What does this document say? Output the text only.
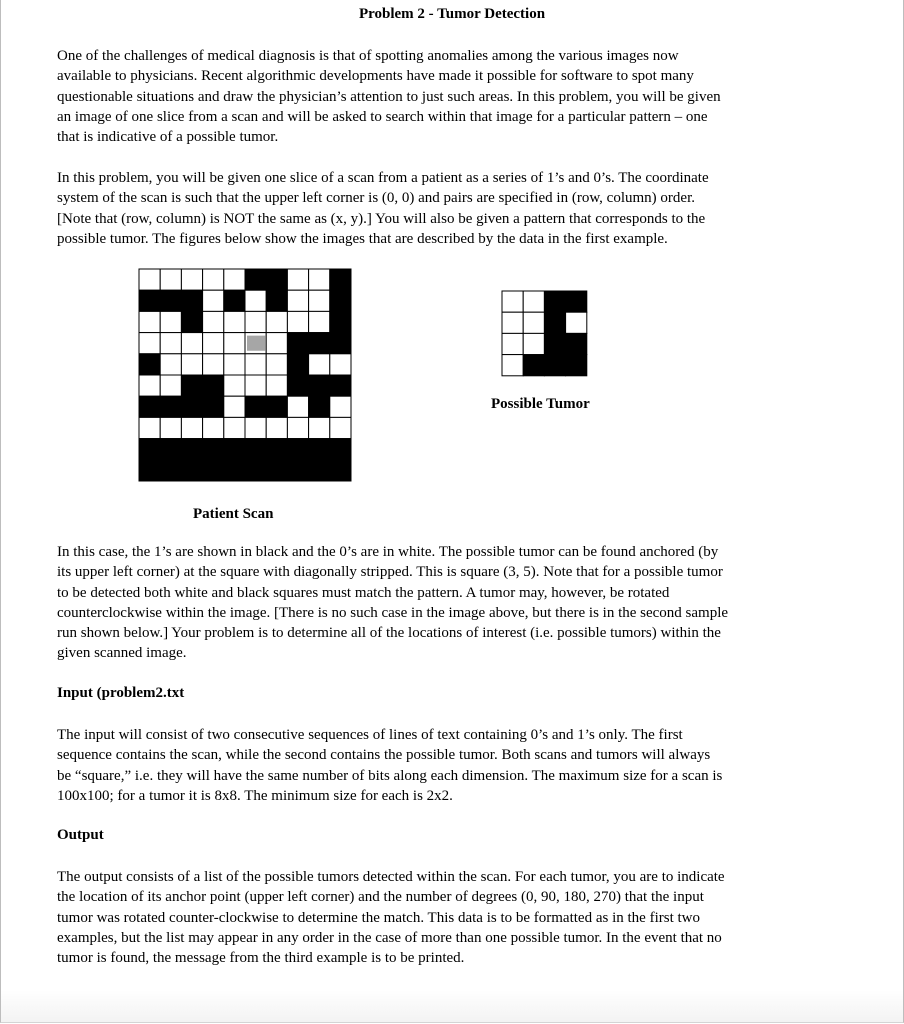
Problem 2 - Tumor Detection
One of the challenges of medical diagnosis is that of spotting anomalies among the various images now
available to physicians. Recent algorithmic developments have made it possible for software to spot many
questionable situations and draw the physician’s attention to just such areas. In this problem, you will be given
an image of one slice from a scan and will be asked to search within that image for a particular pattern – one
that is indicative of a possible tumor.
In this problem, you will be given one slice of a scan from a patient as a series of 1’s and 0’s. The coordinate
system of the scan is such that the upper left corner is (0, 0) and pairs are specified in (row, column) order.
[Note that (row, column) is NOT the same as (x, y).] You will also be given a pattern that corresponds to the
possible tumor. The figures below show the images that are described by the data in the first example.
Patient Scan
Possible Tumor
In this case, the 1’s are shown in black and the 0’s are in white. The possible tumor can be found anchored (by
its upper left corner) at the square with diagonally stripped. This is square (3, 5). Note that for a possible tumor
to be detected both white and black squares must match the pattern. A tumor may, however, be rotated
counterclockwise within the image. [There is no such case in the image above, but there is in the second sample
run shown below.] Your problem is to determine all of the locations of interest (i.e. possible tumors) within the
given scanned image.
Input (problem2.txt
The input will consist of two consecutive sequences of lines of text containing 0’s and 1’s only. The first
sequence contains the scan, while the second contains the possible tumor. Both scans and tumors will always
be “square,” i.e. they will have the same number of bits along each dimension. The maximum size for a scan is
100x100; for a tumor it is 8x8. The minimum size for each is 2x2.
Output
The output consists of a list of the possible tumors detected within the scan. For each tumor, you are to indicate
the location of its anchor point (upper left corner) and the number of degrees (0, 90, 180, 270) that the input
tumor was rotated counter-clockwise to determine the match. This data is to be formatted as in the first two
examples, but the list may appear in any order in the case of more than one possible tumor. In the event that no
tumor is found, the message from the third example is to be printed.
